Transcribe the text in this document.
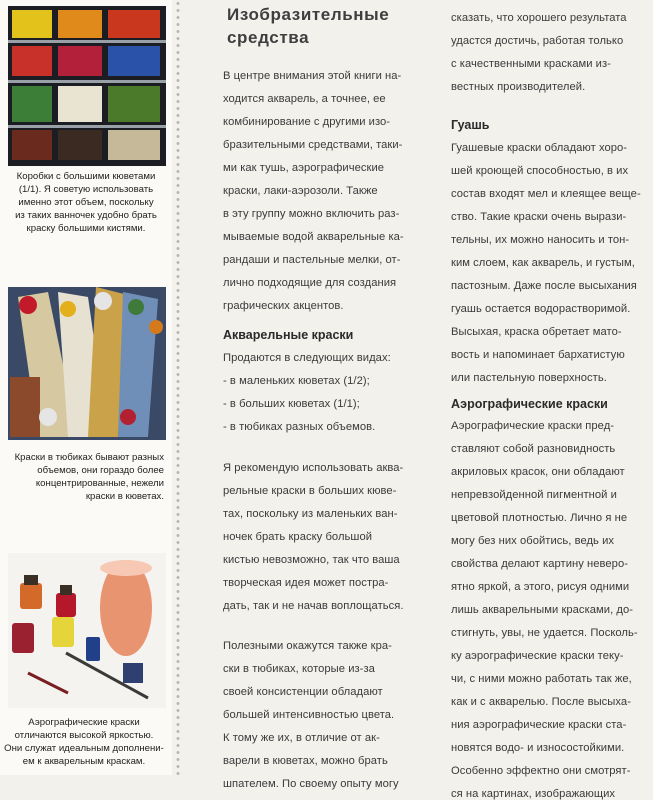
Коробки с большими кюветами
(1/1). Я советую использовать
именно этот объем, поскольку
из таких ванночек удобно брать
краску большими кистями.
Краски в тюбиках бывают разных
объемов, они гораздо более
концентрированные, нежели
краски в кюветах.
Аэрографические краски
отличаются высокой яркостью.
Они служат идеальным дополнени-
ем к акварельным краскам.
Изобразительные
средства
В центре внимания этой книги на-
ходится акварель, а точнее, ее
комбинирование с другими изо-
бразительными средствами, таки-
ми как тушь, аэрографические
краски, лаки-аэрозоли. Также
в эту группу можно включить раз-
мываемые водой акварельные ка-
рандаши и пастельные мелки, от-
лично подходящие для создания
графических акцентов.
Акварельные краски
Продаются в следующих видах:
- в маленьких кюветах (1/2);
- в больших кюветах (1/1);
- в тюбиках разных объемов.
Я рекомендую использовать аква-
рельные краски в больших кюве-
тах, поскольку из маленьких ван-
ночек брать краску большой
кистью невозможно, так что ваша
творческая идея может постра-
дать, так и не начав воплощаться.
Полезными окажутся также кра-
ски в тюбиках, которые из-за
своей консистенции обладают
большей интенсивностью цвета.
К тому же их, в отличие от ак-
варели в кюветах, можно брать
шпателем. По своему опыту могу
сказать, что хорошего результата
удастся достичь, работая только
с качественными красками из-
вестных производителей.
Гуашь
Гуашевые краски обладают хоро-
шей кроющей способностью, в их
состав входят мел и клеящее веще-
ство. Такие краски очень вырази-
тельны, их можно наносить и тон-
ким слоем, как акварель, и густым,
пастозным. Даже после высыхания
гуашь остается водорастворимой.
Высыхая, краска обретает мато-
вость и напоминает бархатистую
или пастельную поверхность.
Аэрографические краски
Аэрографические краски пред-
ставляют собой разновидность
акриловых красок, они обладают
непревзойденной пигментной и
цветовой плотностью. Лично я не
могу без них обойтись, ведь их
свойства делают картину неверо-
ятно яркой, а этого, рисуя одними
лишь акварельными красками, до-
стигнуть, увы, не удается. Посколь-
ку аэрографические краски теку-
чи, с ними можно работать так же,
как и с акварелью. После высыха-
ния аэрографические краски ста-
новятся водо- и износостойкими.
Особенно эффектно они смотрят-
ся на картинах, изображающих
